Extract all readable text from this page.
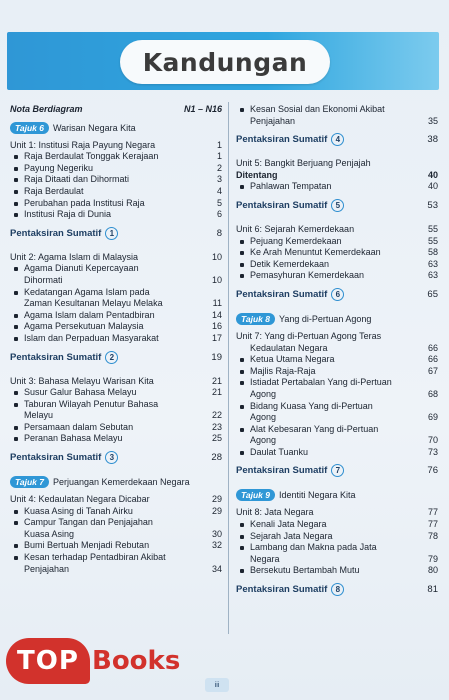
Kandungan
Nota Berdiagram	N1 – N16
Tajuk 6	Warisan Negara Kita
Unit 1: Institusi Raja Payung Negara	1
Raja Berdaulat Tonggak Kerajaan	1
Payung Negeriku	2
Raja Ditaati dan Dihormati	3
Raja Berdaulat	4
Perubahan pada Institusi Raja	5
Institusi Raja di Dunia	6
Pentaksiran Sumatif	1	8
Unit 2: Agama Islam di Malaysia	10
Agama Dianuti Kepercayaan
Dihormati	10
Kedatangan Agama Islam pada
Zaman Kesultanan Melayu Melaka	11
Agama Islam dalam Pentadbiran	14
Agama Persekutuan Malaysia	16
Islam dan Perpaduan Masyarakat	17
Pentaksiran Sumatif	2	19
Unit 3: Bahasa Melayu Warisan Kita	21
Susur Galur Bahasa Melayu	21
Taburan Wilayah Penutur Bahasa
Melayu	22
Persamaan dalam Sebutan	23
Peranan Bahasa Melayu	25
Pentaksiran Sumatif	3	28
Tajuk 7	Perjuangan Kemerdekaan Negara
Unit 4: Kedaulatan Negara Dicabar	29
Kuasa Asing di Tanah Airku	29
Campur Tangan dan Penjajahan
Kuasa Asing	30
Bumi Bertuah Menjadi Rebutan	32
Kesan terhadap Pentadbiran Akibat
Penjajahan	34
Kesan Sosial dan Ekonomi Akibat
Penjajahan	35
Pentaksiran Sumatif	4	38
Unit 5: Bangkit Berjuang Penjajah
Ditentang	40
Pahlawan Tempatan	40
Pentaksiran Sumatif	5	53
Unit 6: Sejarah Kemerdekaan	55
Pejuang Kemerdekaan	55
Ke Arah Menuntut Kemerdekaan	58
Detik Kemerdekaan	63
Pemasyhuran Kemerdekaan	63
Pentaksiran Sumatif	6	65
Tajuk 8	Yang di-Pertuan Agong
Unit 7: Yang di-Pertuan Agong Teras
Kedaulatan Negara	66
Ketua Utama Negara	66
Majlis Raja-Raja	67
Istiadat Pertabalan Yang di-Pertuan
Agong	68
Bidang Kuasa Yang di-Pertuan
Agong	69
Alat Kebesaran Yang di-Pertuan
Agong	70
Daulat Tuanku	73
Pentaksiran Sumatif	7	76
Tajuk 9	Identiti Negara Kita
Unit 8: Jata Negara	77
Kenali Jata Negara	77
Sejarah Jata Negara	78
Lambang dan Makna pada Jata
Negara	79
Bersekutu Bertambah Mutu	80
Pentaksiran Sumatif	8	81
iii
TOP Books
